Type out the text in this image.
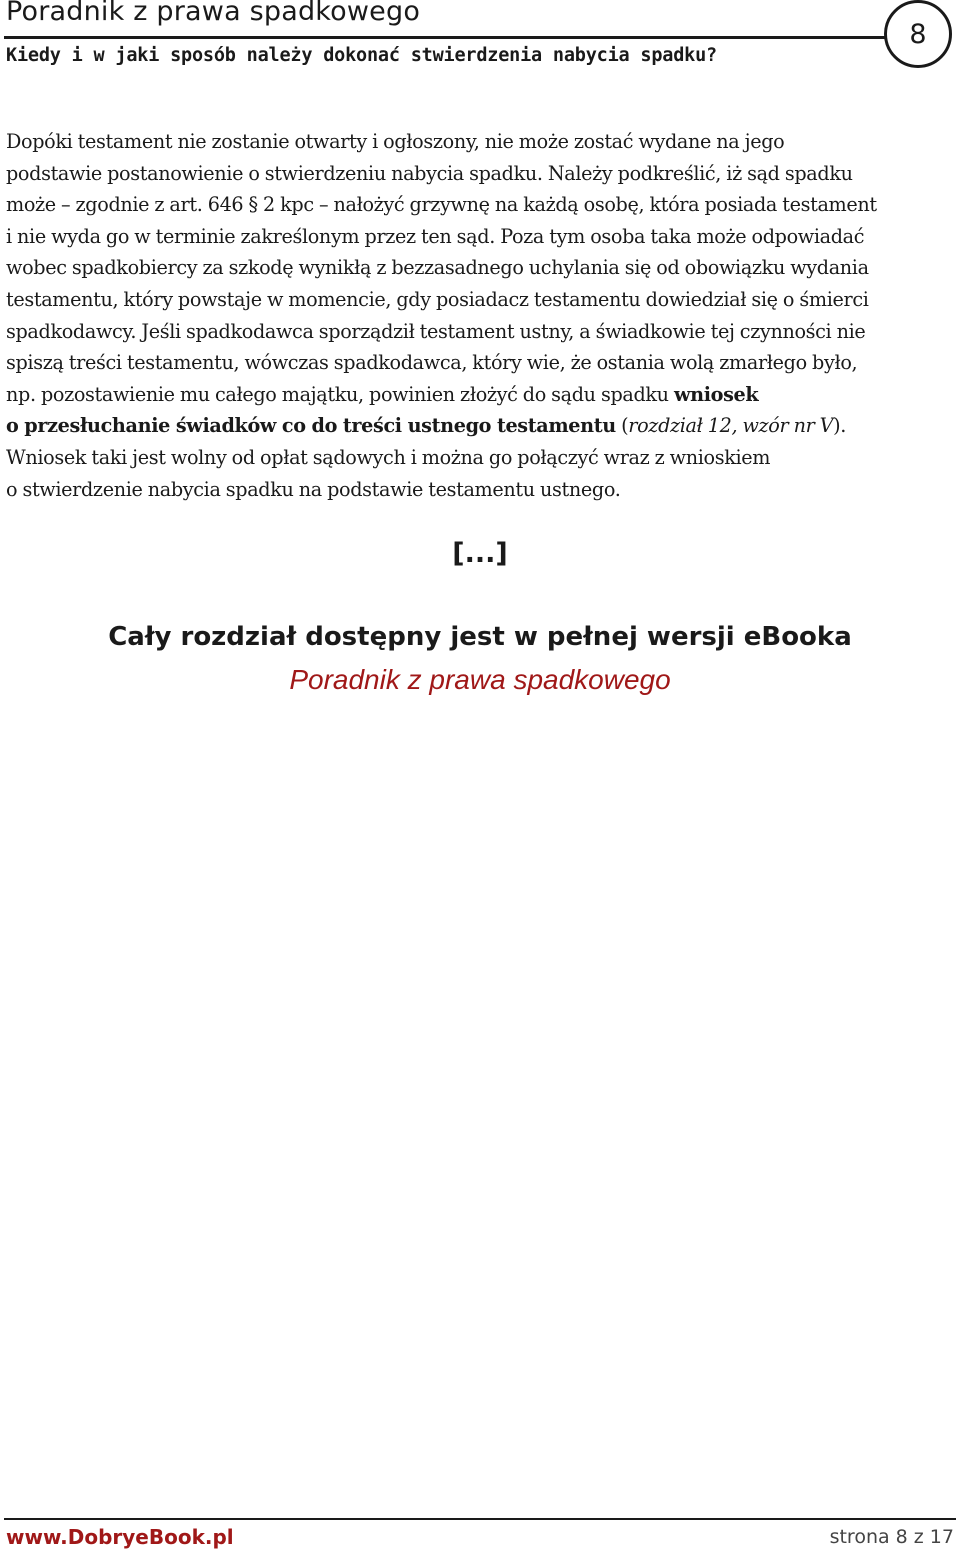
Poradnik z prawa spadkowego
8
Kiedy i w jaki sposób należy dokonać stwierdzenia nabycia spadku?
Dopóki testament nie zostanie otwarty i ogłoszony, nie może zostać wydane na jego
podstawie postanowienie o stwierdzeniu nabycia spadku. Należy podkreślić, iż sąd spadku
może – zgodnie z art. 646 § 2 kpc – nałożyć grzywnę na każdą osobę, która posiada testament
i nie wyda go w terminie zakreślonym przez ten sąd. Poza tym osoba taka może odpowiadać
wobec spadkobiercy za szkodę wynikłą z bezzasadnego uchylania się od obowiązku wydania
testamentu, który powstaje w momencie, gdy posiadacz testamentu dowiedział się o śmierci
spadkodawcy. Jeśli spadkodawca sporządził testament ustny, a świadkowie tej czynności nie
spiszą treści testamentu, wówczas spadkodawca, który wie, że ostania wolą zmarłego było,
np. pozostawienie mu całego majątku, powinien złożyć do sądu spadku wniosek
o przesłuchanie świadków co do treści ustnego testamentu (rozdział 12, wzór nr V).
Wniosek taki jest wolny od opłat sądowych i można go połączyć wraz z wnioskiem
o stwierdzenie nabycia spadku na podstawie testamentu ustnego.
[...]
Cały rozdział dostępny jest w pełnej wersji eBooka
Poradnik z prawa spadkowego
www.DobryeBook.pl	strona 8 z 17
